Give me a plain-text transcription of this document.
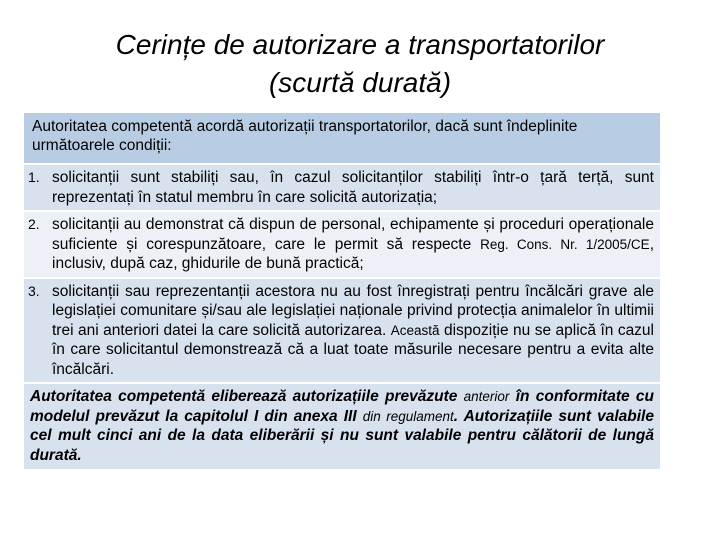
Cerințe de autorizare a transportatorilor
(scurtă durată)
Autoritatea competentă acordă autorizații transportatorilor, dacă sunt îndeplinite următoarele condiții:
1. solicitanții sunt stabiliți sau, în cazul solicitanților stabiliți într-o țară terță, sunt reprezentați în statul membru în care solicită autorizația;
2. solicitanții au demonstrat că dispun de personal, echipamente și proceduri operaționale suficiente și corespunzătoare, care le permit să respecte Reg. Cons. Nr. 1/2005/CE, inclusiv, după caz, ghidurile de bună practică;
3. solicitanții sau reprezentanții acestora nu au fost înregistrați pentru încălcări grave ale legislației comunitare și/sau ale legislației naționale privind protecția animalelor în ultimii trei ani anteriori datei la care solicită autorizarea. Această dispoziție nu se aplică în cazul în care solicitantul demonstrează că a luat toate măsurile necesare pentru a evita alte încălcări.
Autoritatea competentă eliberează autorizațiile prevăzute anterior în conformitate cu modelul prevăzut la capitolul I din anexa III din regulament. Autorizațiile sunt valabile cel mult cinci ani de la data eliberării și nu sunt valabile pentru călătorii de lungă durată.
